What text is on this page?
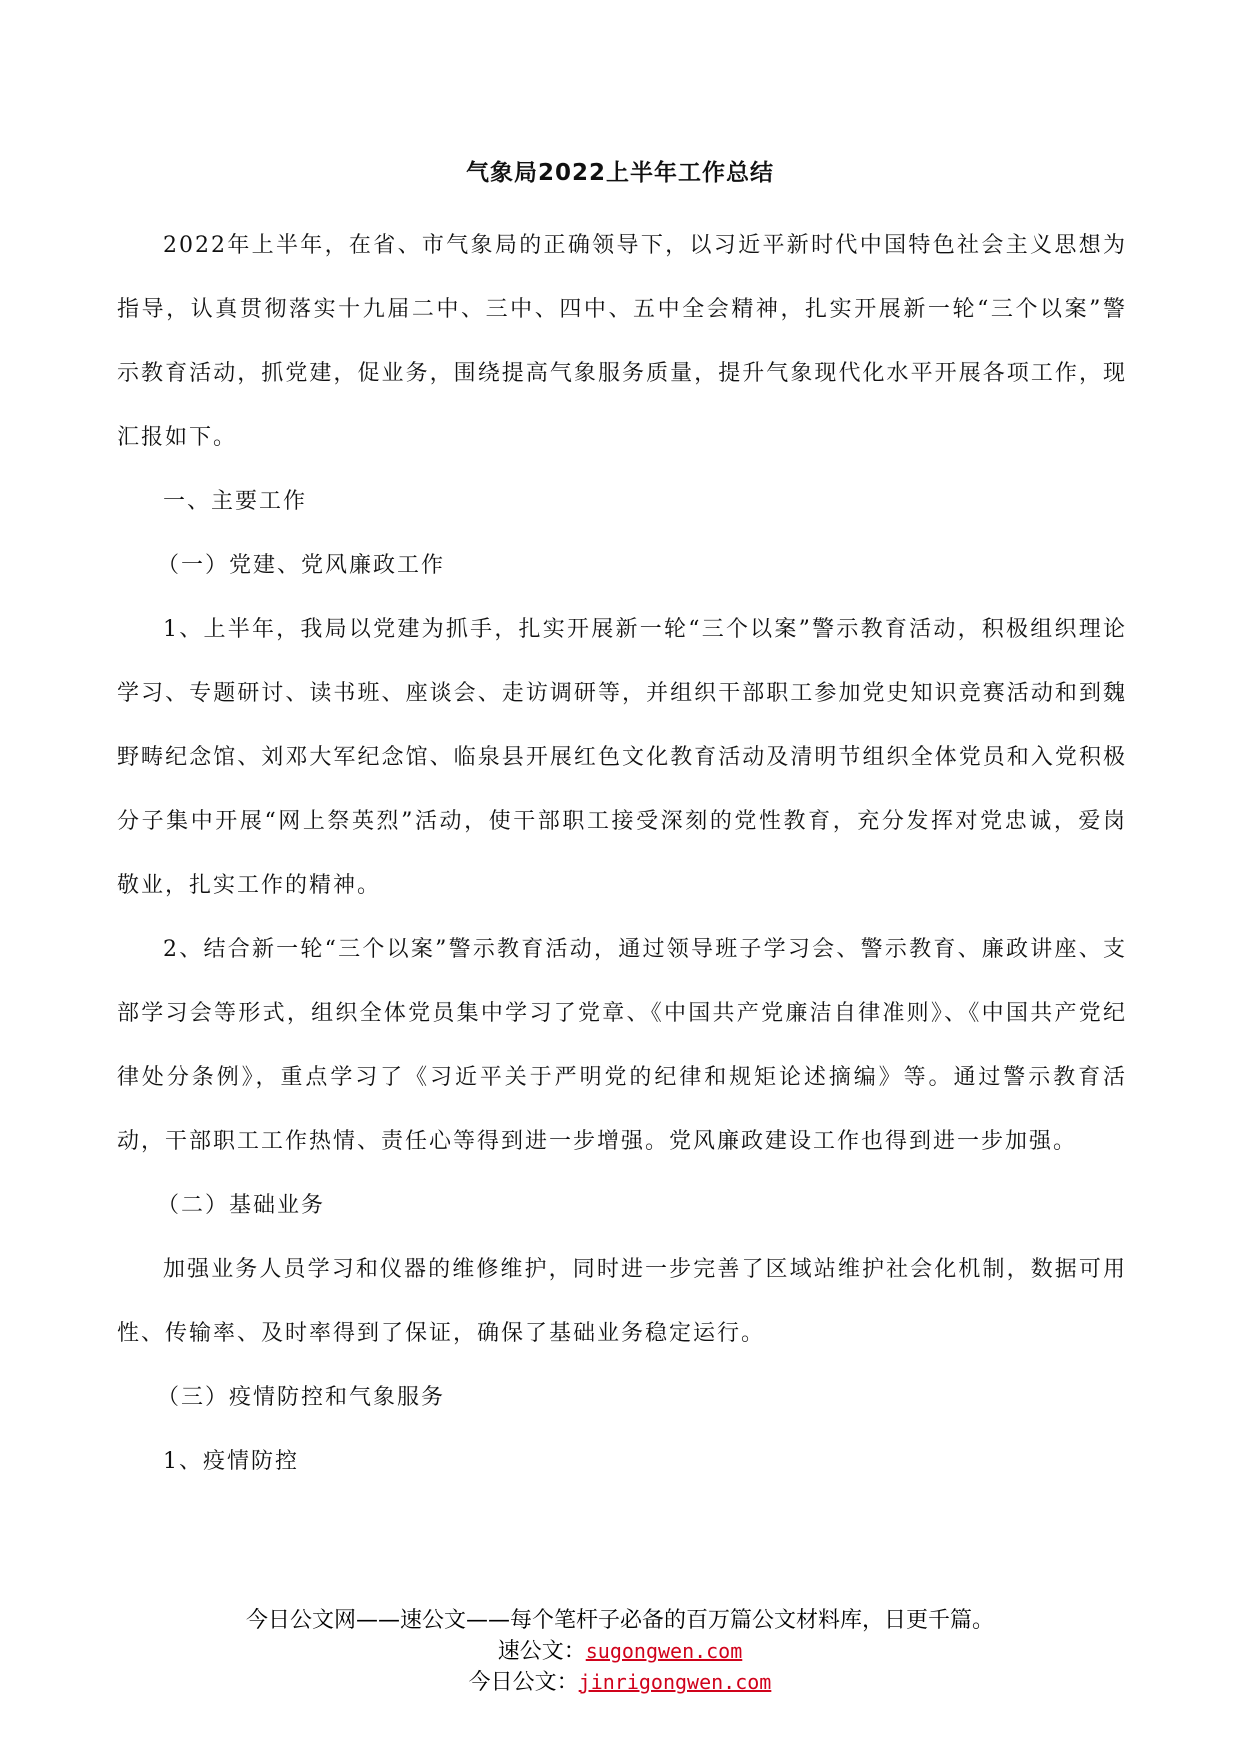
气象局2022上半年工作总结

2022年上半年，在省、市气象局的正确领导下，以习近平新时代中国特色社会主义思想为指导，认真贯彻落实十九届二中、三中、四中、五中全会精神，扎实开展新一轮“三个以案”警示教育活动，抓党建，促业务，围绕提高气象服务质量，提升气象现代化水平开展各项工作，现汇报如下。

一、主要工作

（一）党建、党风廉政工作

1、上半年，我局以党建为抓手，扎实开展新一轮“三个以案”警示教育活动，积极组织理论学习、专题研讨、读书班、座谈会、走访调研等，并组织干部职工参加党史知识竞赛活动和到魏野畴纪念馆、刘邓大军纪念馆、临泉县开展红色文化教育活动及清明节组织全体党员和入党积极分子集中开展“网上祭英烈”活动，使干部职工接受深刻的党性教育，充分发挥对党忠诚，爱岗敬业，扎实工作的精神。

2、结合新一轮“三个以案”警示教育活动，通过领导班子学习会、警示教育、廉政讲座、支部学习会等形式，组织全体党员集中学习了党章、《中国共产党廉洁自律准则》、《中国共产党纪律处分条例》，重点学习了《习近平关于严明党的纪律和规矩论述摘编》等。通过警示教育活动，干部职工工作热情、责任心等得到进一步增强。党风廉政建设工作也得到进一步加强。

（二）基础业务

加强业务人员学习和仪器的维修维护，同时进一步完善了区域站维护社会化机制，数据可用性、传输率、及时率得到了保证，确保了基础业务稳定运行。

（三）疫情防控和气象服务

1、疫情防控

今日公文网——速公文——每个笔杆子必备的百万篇公文材料库，日更千篇。

速公文：sugongwen.com

今日公文：jinrigongwen.com
